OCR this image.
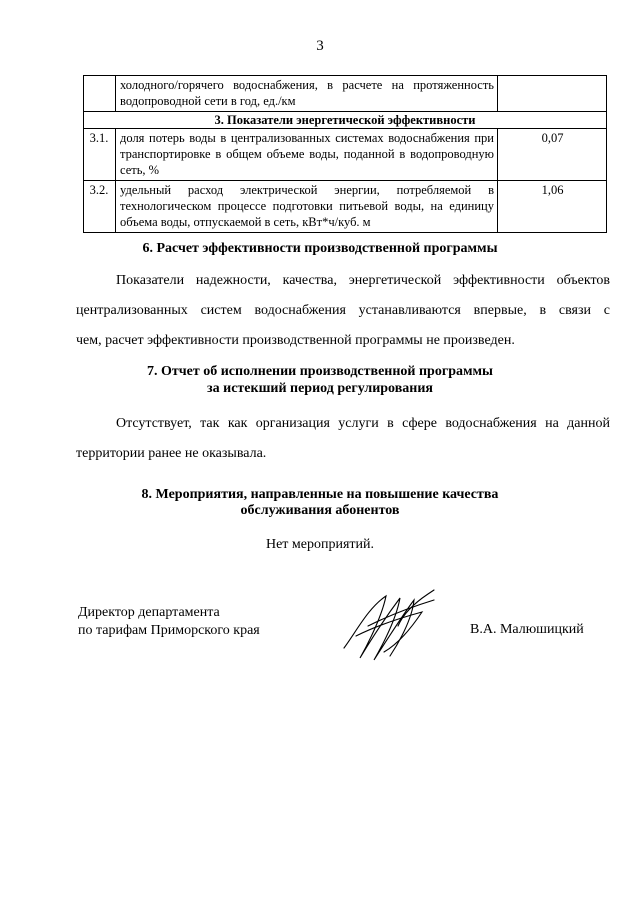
3
	холодного/горячего водоснабжения, в расчете на протяженность водопроводной сети в год, ед./км	
3. Показатели энергетической эффективности		
3.1.	доля потерь воды в централизованных системах водоснабжения при транспортировке в общем объеме воды, поданной в водопроводную сеть, %	0,07
3.2.	удельный расход электрической энергии, потребляемой в технологическом процессе подготовки питьевой воды, на единицу объема воды, отпускаемой в сеть, кВт*ч/куб. м	1,06
6. Расчет эффективности производственной программы
Показатели надежности, качества, энергетической эффективности объектов
централизованных систем водоснабжения устанавливаются впервые, в связи с
чем, расчет эффективности производственной программы не произведен.
7. Отчет об исполнении производственной программы
за истекший период регулирования
Отсутствует, так как организация услуги в сфере водоснабжения на данной
территории ранее не оказывала.
8. Мероприятия, направленные на повышение качества
обслуживания абонентов
Нет мероприятий.
Директор департамента
по тарифам Приморского края	В.А. Малюшицкий
